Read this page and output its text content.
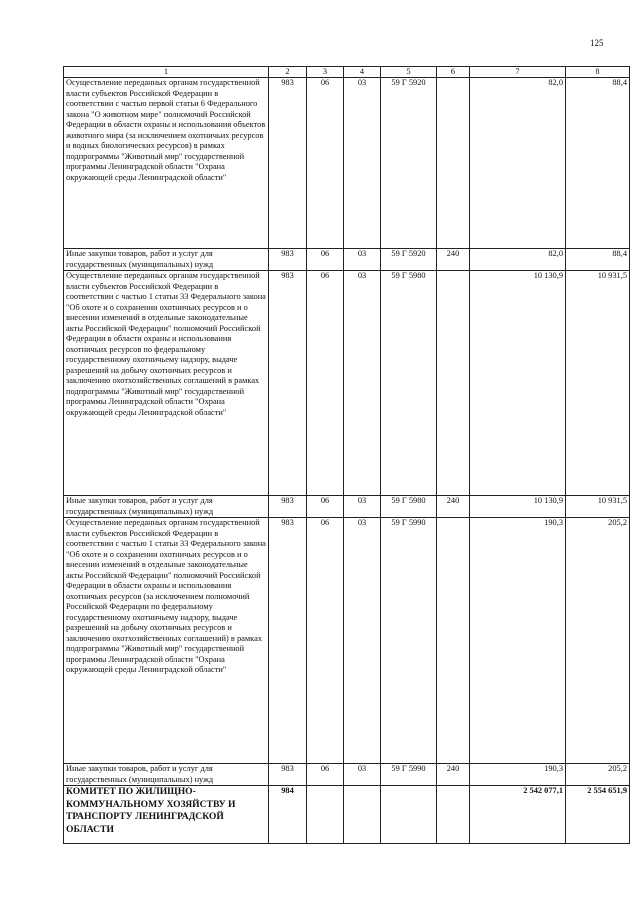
125
1	2	3	4	5	6	7	8
Осуществление переданных органам государственной власти субъектов Российской Федерации в соответствии с частью первой статьи 6 Федерального закона "О животном мире" полномочий Российской Федерации в области охраны и использования объектов животного мира (за исключением охотничьих ресурсов и водных биологических ресурсов) в рамках подпрограммы "Животный мир" государственной программы Ленинградской области "Охрана окружающей среды Ленинградской области"	983	06	03	59 Г 5920		82,0	88,4
Иные закупки товаров, работ и услуг для государственных (муниципальных) нужд	983	06	03	59 Г 5920	240	82,0	88,4
Осуществление переданных органам государственной власти субъектов Российской Федерации в соответствии с частью 1 статьи 33 Федерального закона "Об охоте и о сохранении охотничьих ресурсов и о внесении изменений в отдельные законодательные акты Российской Федерации" полномочий Российской Федерации в области охраны и использования охотничьих ресурсов по федеральному государственному охотничьему надзору, выдаче разрешений на добычу охотничьих ресурсов и заключению охотхозяйственных соглашений в рамках подпрограммы "Животный мир" государственной программы Ленинградской области "Охрана окружающей среды Ленинградской области"	983	06	03	59 Г 5980		10 130,9	10 931,5
Иные закупки товаров, работ и услуг для государственных (муниципальных) нужд	983	06	03	59 Г 5980	240	10 130,9	10 931,5
Осуществление переданных органам государственной власти субъектов Российской Федерации в соответствии с частью 1 статьи 33 Федерального закона "Об охоте и о сохранении охотничьих ресурсов и о внесении изменений в отдельные законодательные акты Российской Федерации" полномочий Российской Федерации в области охраны и использования охотничьих ресурсов (за исключением полномочий Российской Федерации по федеральному государственному охотничьему надзору, выдаче разрешений на добычу охотничьих ресурсов и заключению охотхозяйственных соглашений) в рамках подпрограммы "Животный мир" государственной программы Ленинградской области "Охрана окружающей среды Ленинградской области"	983	06	03	59 Г 5990		190,3	205,2
Иные закупки товаров, работ и услуг для государственных (муниципальных) нужд	983	06	03	59 Г 5990	240	190,3	205,2
КОМИТЕТ ПО ЖИЛИЩНО-КОММУНАЛЬНОМУ ХОЗЯЙСТВУ И ТРАНСПОРТУ ЛЕНИНГРАДСКОЙ ОБЛАСТИ	984					2 542 077,1	2 554 651,9
